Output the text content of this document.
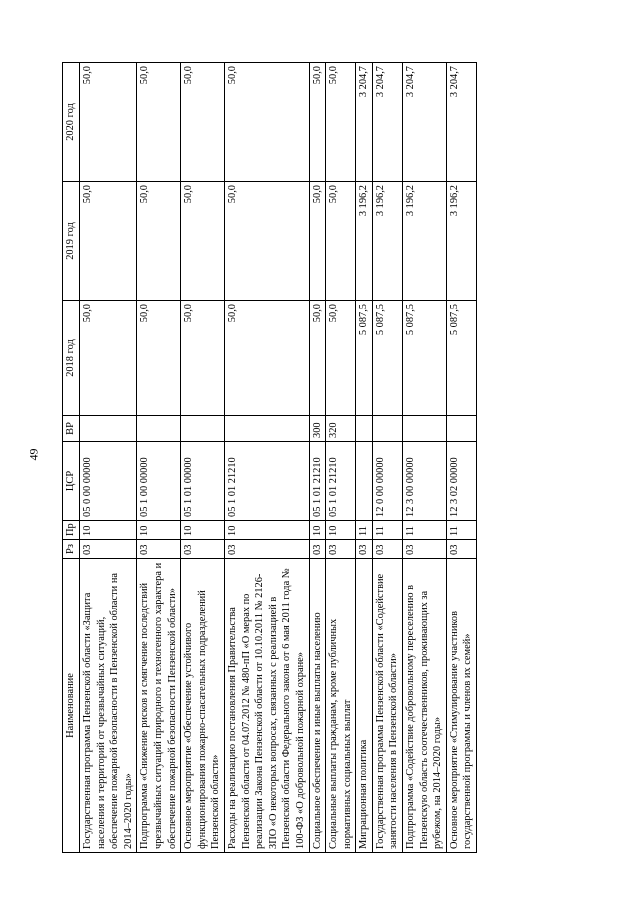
49
Наименование	Рз	Пр	ЦСР	ВР	2018 год	2019 год	2020 год
Государственная программа Пензенской области «Защита населения и территорий от чрезвычайных ситуаций, обеспечение пожарной безопасности в Пензенской области на 2014–2020 годы»	03	10	05 0 00 00000		50,0	50,0	50,0
Подпрограмма «Снижение рисков и смягчение последствий чрезвычайных ситуаций природного и техногенного характера и обеспечение пожарной безопасности Пензенской области»	03	10	05 1 00 00000		50,0	50,0	50,0
Основное мероприятие «Обеспечение устойчивого функционирования пожарно-спасательных подразделений Пензенской области»	03	10	05 1 01 00000		50,0	50,0	50,0
Расходы на реализацию постановления Правительства Пензенской области от 04.07.2012 № 480-пП «О мерах по реализации Закона Пензенской области от 10.10.2011 № 2126-ЗПО «О некоторых вопросах, связанных с реализацией в Пензенской области Федерального закона от 6 мая 2011 года № 100-ФЗ «О добровольной пожарной охране»	03	10	05 1 01 21210		50,0	50,0	50,0
Социальное обеспечение и иные выплаты населению	03	10	05 1 01 21210	300	50,0	50,0	50,0
Социальные выплаты гражданам, кроме публичных нормативных социальных выплат	03	10	05 1 01 21210	320	50,0	50,0	50,0
Миграционная политика	03	11			5 087,5	3 196,2	3 204,7
Государственная программа Пензенской области «Содействие занятости населения в Пензенской области»	03	11	12 0 00 00000		5 087,5	3 196,2	3 204,7
Подпрограмма «Содействие добровольному переселению в Пензенскую область соотечественников, проживающих за рубежом, на 2014–2020 годы»	03	11	12 3 00 00000		5 087,5	3 196,2	3 204,7
Основное мероприятие «Стимулирование участников государственной программы и членов их семей»	03	11	12 3 02 00000		5 087,5	3 196,2	3 204,7
